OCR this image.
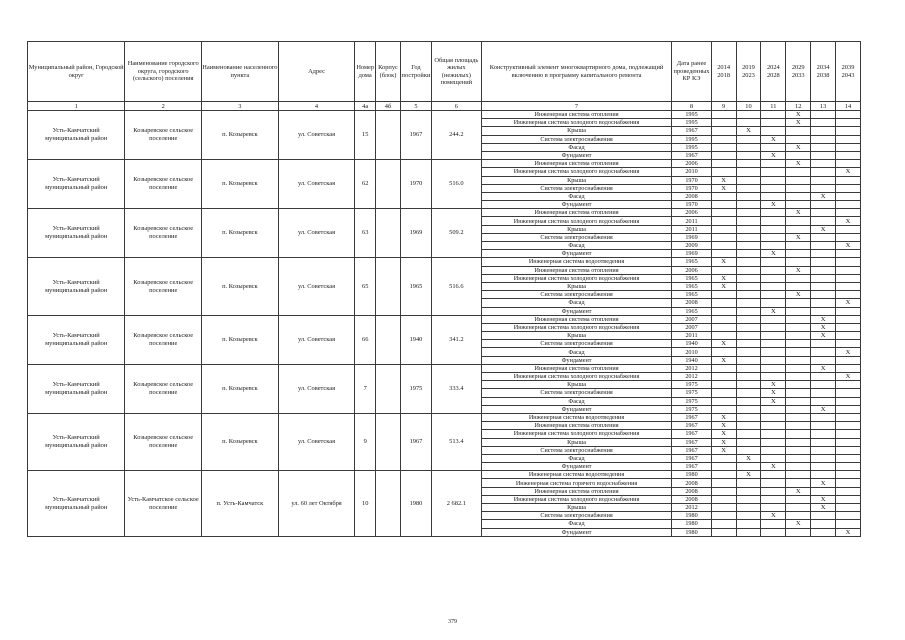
Муниципальный район, Городской округ	Наименование городского округа, городского (сельского) поселения	Наименование населенного пункта	Адрес	Номер дома	Корпус (блок)	Год постройки	Общая площадь жилых (нежилых) помещений	Конструктивный элемент многоквартирного дома, подлежащий включению в программу капитального ремонта	Дата ранее проведенных КР КЭ	2014 2018	2019 2023	2024 2028	2029 2033	2034 2038	2039 2043
1	2	3	4	4а	4б	5	6	7	8	9	10	11	12	13	14
Усть-Камчатский муниципальный район	Козыревское сельское поселение	п. Козыревск	ул. Советская	15		1967	244.2	Инженерная система отопления	1995				X		
								Инженерная система холодного водоснабжения	1995				X		
								Крыша	1967		X				
								Система электроснабжения	1995			X			
								Фасад	1995				X		
								Фундамент	1967			X			
Усть-Камчатский муниципальный район	Козыревское сельское поселение	п. Козыревск	ул. Советская	62		1970	516.0	Инженерная система отопления	2006				X		
								Инженерная система холодного водоснабжения	2010						X
								Крыша	1970	X					
								Система электроснабжения	1970	X					
								Фасад	2008					X	
								Фундамент	1970			X			
Усть-Камчатский муниципальный район	Козыревское сельское поселение	п. Козыревск	ул. Советская	63		1969	509.2	Инженерная система отопления	2006				X		
								Инженерная система холодного водоснабжения	2011						X
								Крыша	2011					X	
								Система электроснабжения	1969				X		
								Фасад	2009						X
								Фундамент	1969			X			
Усть-Камчатский муниципальный район	Козыревское сельское поселение	п. Козыревск	ул. Советская	65		1965	516.6	Инженерная система водоотведения	1965	X					
								Инженерная система отопления	2006				X		
								Инженерная система холодного водоснабжения	1965	X					
								Крыша	1965	X					
								Система электроснабжения	1965				X		
								Фасад	2008						X
								Фундамент	1965			X			
Усть-Камчатский муниципальный район	Козыревское сельское поселение	п. Козыревск	ул. Советская	66		1940	341.2	Инженерная система отопления	2007					X	
								Инженерная система холодного водоснабжения	2007					X	
								Крыша	2011					X	
								Система электроснабжения	1940	X					
								Фасад	2010						X
								Фундамент	1940	X					
Усть-Камчатский муниципальный район	Козыревское сельское поселение	п. Козыревск	ул. Советская	7		1975	333.4	Инженерная система отопления	2012					X	
								Инженерная система холодного водоснабжения	2012						X
								Крыша	1975			X			
								Система электроснабжения	1975			X			
								Фасад	1975			X			
								Фундамент	1975					X	
Усть-Камчатский муниципальный район	Козыревское сельское поселение	п. Козыревск	ул. Советская	9		1967	513.4	Инженерная система водоотведения	1967	X					
								Инженерная система отопления	1967	X					
								Инженерная система холодного водоснабжения	1967	X					
								Крыша	1967	X					
								Система электроснабжения	1967	X					
								Фасад	1967		X				
								Фундамент	1967			X			
Усть-Камчатский муниципальный район	Усть-Камчатское сельское поселение	п. Усть-Камчатск	ул. 60 лет Октября	10		1980	2 682.1	Инженерная система водоотведения	1980		X				
								Инженерная система горячего водоснабжения	2008					X	
								Инженерная система отопления	2008				X		
								Инженерная система холодного водоснабжения	2008					X	
								Крыша	2012					X	
								Система электроснабжения	1980			X			
								Фасад	1980				X		
								Фундамент	1980						X
379
